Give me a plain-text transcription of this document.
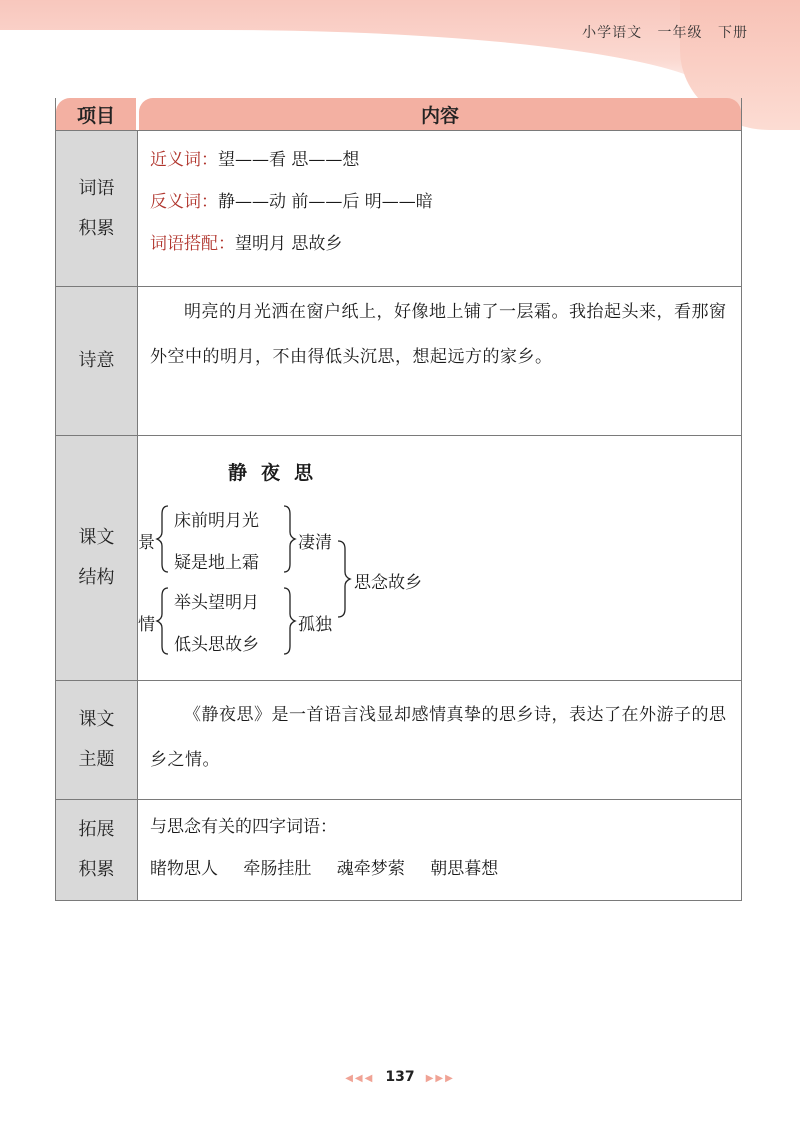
小学语文 一年级 下册
项目	内容
词语
积累
近义词：望——看 思——想
反义词：静——动 前——后 明——暗
词语搭配：望明月 思故乡
诗意

明亮的月光洒在窗户纸上，好像地上铺了一层霜。我抬起头来，看那窗外空中的明月，不由得低头沉思，想起远方的家乡。

课文
结构
静夜思
景
床前明月光
疑是地上霜
凄清
情
举头望明月
低头思故乡
孤独
思念故乡
课文
主题

《静夜思》是一首语言浅显却感情真挚的思乡诗，表达了在外游子的思乡之情。

拓展
积累
与思念有关的四字词语：
睹物思人 牵肠挂肚 魂牵梦萦 朝思暮想
◀◀◀ 137 ▶▶▶
